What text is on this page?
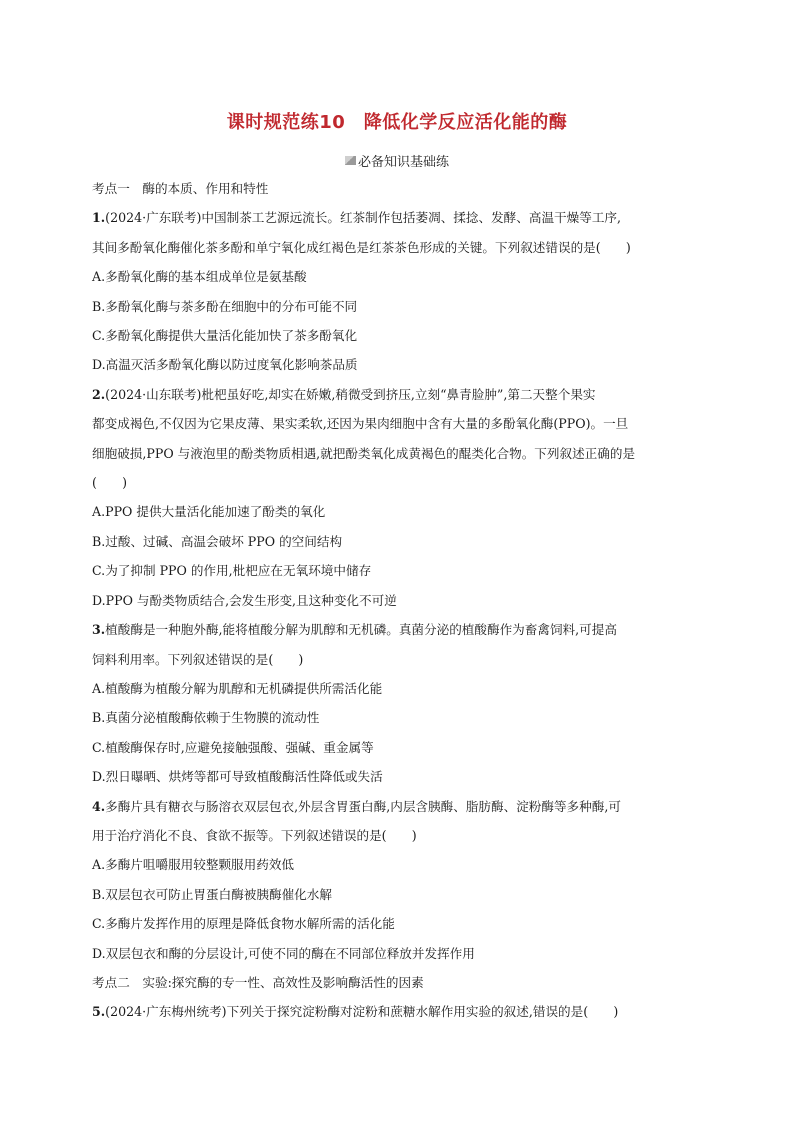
课时规范练10　降低化学反应活化能的酶
必备知识基础练
考点一　酶的本质、作用和特性
1.(2024·广东联考)中国制茶工艺源远流长。红茶制作包括萎凋、揉捻、发酵、高温干燥等工序,
其间多酚氧化酶催化茶多酚和单宁氧化成红褐色是红茶茶色形成的关键。下列叙述错误的是(　　)
A.多酚氧化酶的基本组成单位是氨基酸
B.多酚氧化酶与茶多酚在细胞中的分布可能不同
C.多酚氧化酶提供大量活化能加快了茶多酚氧化
D.高温灭活多酚氧化酶以防过度氧化影响茶品质
2.(2024·山东联考)枇杷虽好吃,却实在娇嫩,稍微受到挤压,立刻“鼻青脸肿”,第二天整个果实
都变成褐色,不仅因为它果皮薄、果实柔软,还因为果肉细胞中含有大量的多酚氧化酶(PPO)。一旦
细胞破损,PPO 与液泡里的酚类物质相遇,就把酚类氧化成黄褐色的醌类化合物。下列叙述正确的是
(　　)
A.PPO 提供大量活化能加速了酚类的氧化
B.过酸、过碱、高温会破坏 PPO 的空间结构
C.为了抑制 PPO 的作用,枇杷应在无氧环境中储存
D.PPO 与酚类物质结合,会发生形变,且这种变化不可逆
3.植酸酶是一种胞外酶,能将植酸分解为肌醇和无机磷。真菌分泌的植酸酶作为畜禽饲料,可提高
饲料利用率。下列叙述错误的是(　　)
A.植酸酶为植酸分解为肌醇和无机磷提供所需活化能
B.真菌分泌植酸酶依赖于生物膜的流动性
C.植酸酶保存时,应避免接触强酸、强碱、重金属等
D.烈日曝晒、烘烤等都可导致植酸酶活性降低或失活
4.多酶片具有糖衣与肠溶衣双层包衣,外层含胃蛋白酶,内层含胰酶、脂肪酶、淀粉酶等多种酶,可
用于治疗消化不良、食欲不振等。下列叙述错误的是(　　)
A.多酶片咀嚼服用较整颗服用药效低
B.双层包衣可防止胃蛋白酶被胰酶催化水解
C.多酶片发挥作用的原理是降低食物水解所需的活化能
D.双层包衣和酶的分层设计,可使不同的酶在不同部位释放并发挥作用
考点二　实验:探究酶的专一性、高效性及影响酶活性的因素
5.(2024·广东梅州统考)下列关于探究淀粉酶对淀粉和蔗糖水解作用实验的叙述,错误的是(　　)
